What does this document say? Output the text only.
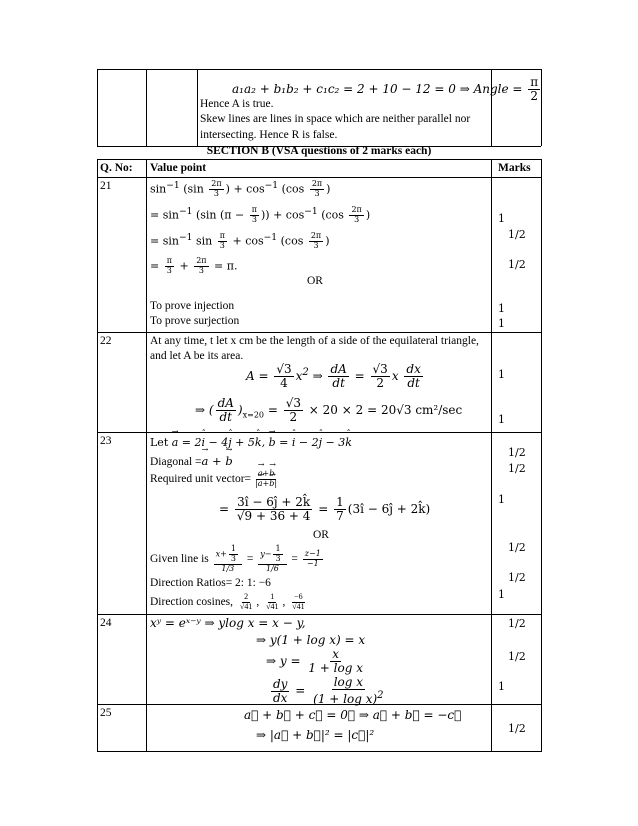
a₁a₂ + b₁b₂ + c₁c₂ = 2 + 10 − 12 = 0 ⇒ Angle = $\frac{\pi}{2}$
Hence A is true.
Skew lines are lines in space which are neither parallel nor
intersecting. Hence R is false.
SECTION B (VSA questions of 2 marks each)
Q. No: Value point	Marks
21	$\sin^{-1} (\sin \frac{2\pi}{3}$ ) + $\cos^{-1} (\cos \frac{2\pi}{3}$ )
= $\sin^{-1} (\sin$ ($\pi - \frac{\pi}{3}$ )) + $\cos^{-1} (\cos \frac{2\pi}{3}$ )
= $\sin^{-1} \sin \frac{\pi}{3} + \cos^{-1} (\cos \frac{2\pi}{3}$ )
= $\frac{\pi}{3} + \frac{2\pi}{3} = \pi$.
OR
To prove injection
To prove surjection
1
1/2
1/2
1
1
22	At any time, t let x cm be the length of a side of the equilateral triangle,
and let A be its area.
$A = \frac{√3}{4} x^2$ ⇒ $\frac{dA}{dt} = \frac{√3}{2}$ x $\frac{dx}{dt}$
⇒ ( $\frac{dA}{dt} )_{x=20} = \frac{√3}{2} \times 20 \times 2 = 20√3$ cm²/sec
1
1
23	Let → a = 2ˆ i − 4ˆ j + 5ˆ k, → b = ˆ i − 2ˆ j − 3ˆ k
Diagonal =→ a + → b
Required unit vector=
→ $\frac{a+\to b}{|\to a+\to b|}$
= $\frac{3î - 6ĵ + 2k̂}{√9 + 36 + 4} = \frac{1}{7}$ (3î − 6ĵ + 2k̂)
OR
Given line is $\frac{x+ \frac{1}{3}}{1/3} = \frac{y- \frac{1}{3}}{1/6} = \frac{z-1}{-1}$
Direction Ratios= 2: 1: −6
Direction cosines, $\frac{2}{√41}$ , $\frac{1}{√41}$ , $\frac{-6}{√41}$
1/2
1/2
1
1/2
1/2
1
24	xʸ = eˣ⁻ʸ ⇒ ylog x = x − y,
⇒ y(1 + log x) = x
⇒ $y = \frac{x}{\text{1 + log x}}$
$\frac{dy}{dx} = \frac{\text{log x}}{(1 + \log x)^2}$
1/2
1/2
1
25	a⃗ + b⃗ + c⃗ = 0⃗ ⇒ a⃗ + b⃗ = −c⃗
⇒ |a⃗ + b⃗|² = |c⃗|²	1/2
